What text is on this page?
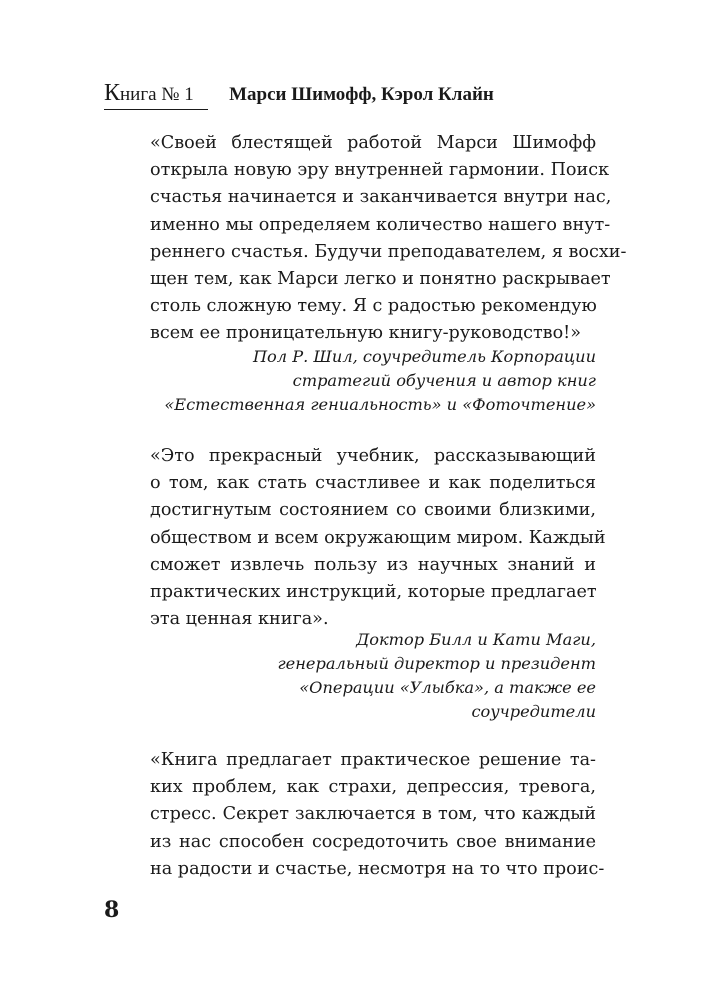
Книга № 1 Марси Шимофф, Кэрол Клайн
«Своей блестящей работой Марси Шимофф
открыла новую эру внутренней гармонии. Поиск
счастья начинается и заканчивается внутри нас,
именно мы определяем количество нашего внут-
реннего счастья. Будучи преподавателем, я восхи-
щен тем, как Марси легко и понятно раскрывает
столь сложную тему. Я с радостью рекомендую
всем ее проницательную книгу-руководство!»
Пол Р. Шил, соучредитель Корпорации
стратегий обучения и автор книг
«Естественная гениальность» и «Фоточтение»
«Это прекрасный учебник, рассказывающий
о том, как стать счастливее и как поделиться
достигнутым состоянием со своими близкими,
обществом и всем окружающим миром. Каждый
сможет извлечь пользу из научных знаний и
практических инструкций, которые предлагает
эта ценная книга».
Доктор Билл и Кати Маги,
генеральный директор и президент
«Операции «Улыбка», а также ее
соучредители
«Книга предлагает практическое решение та-
ких проблем, как страхи, депрессия, тревога,
стресс. Секрет заключается в том, что каждый
из нас способен сосредоточить свое внимание
на радости и счастье, несмотря на то что проис-
8
